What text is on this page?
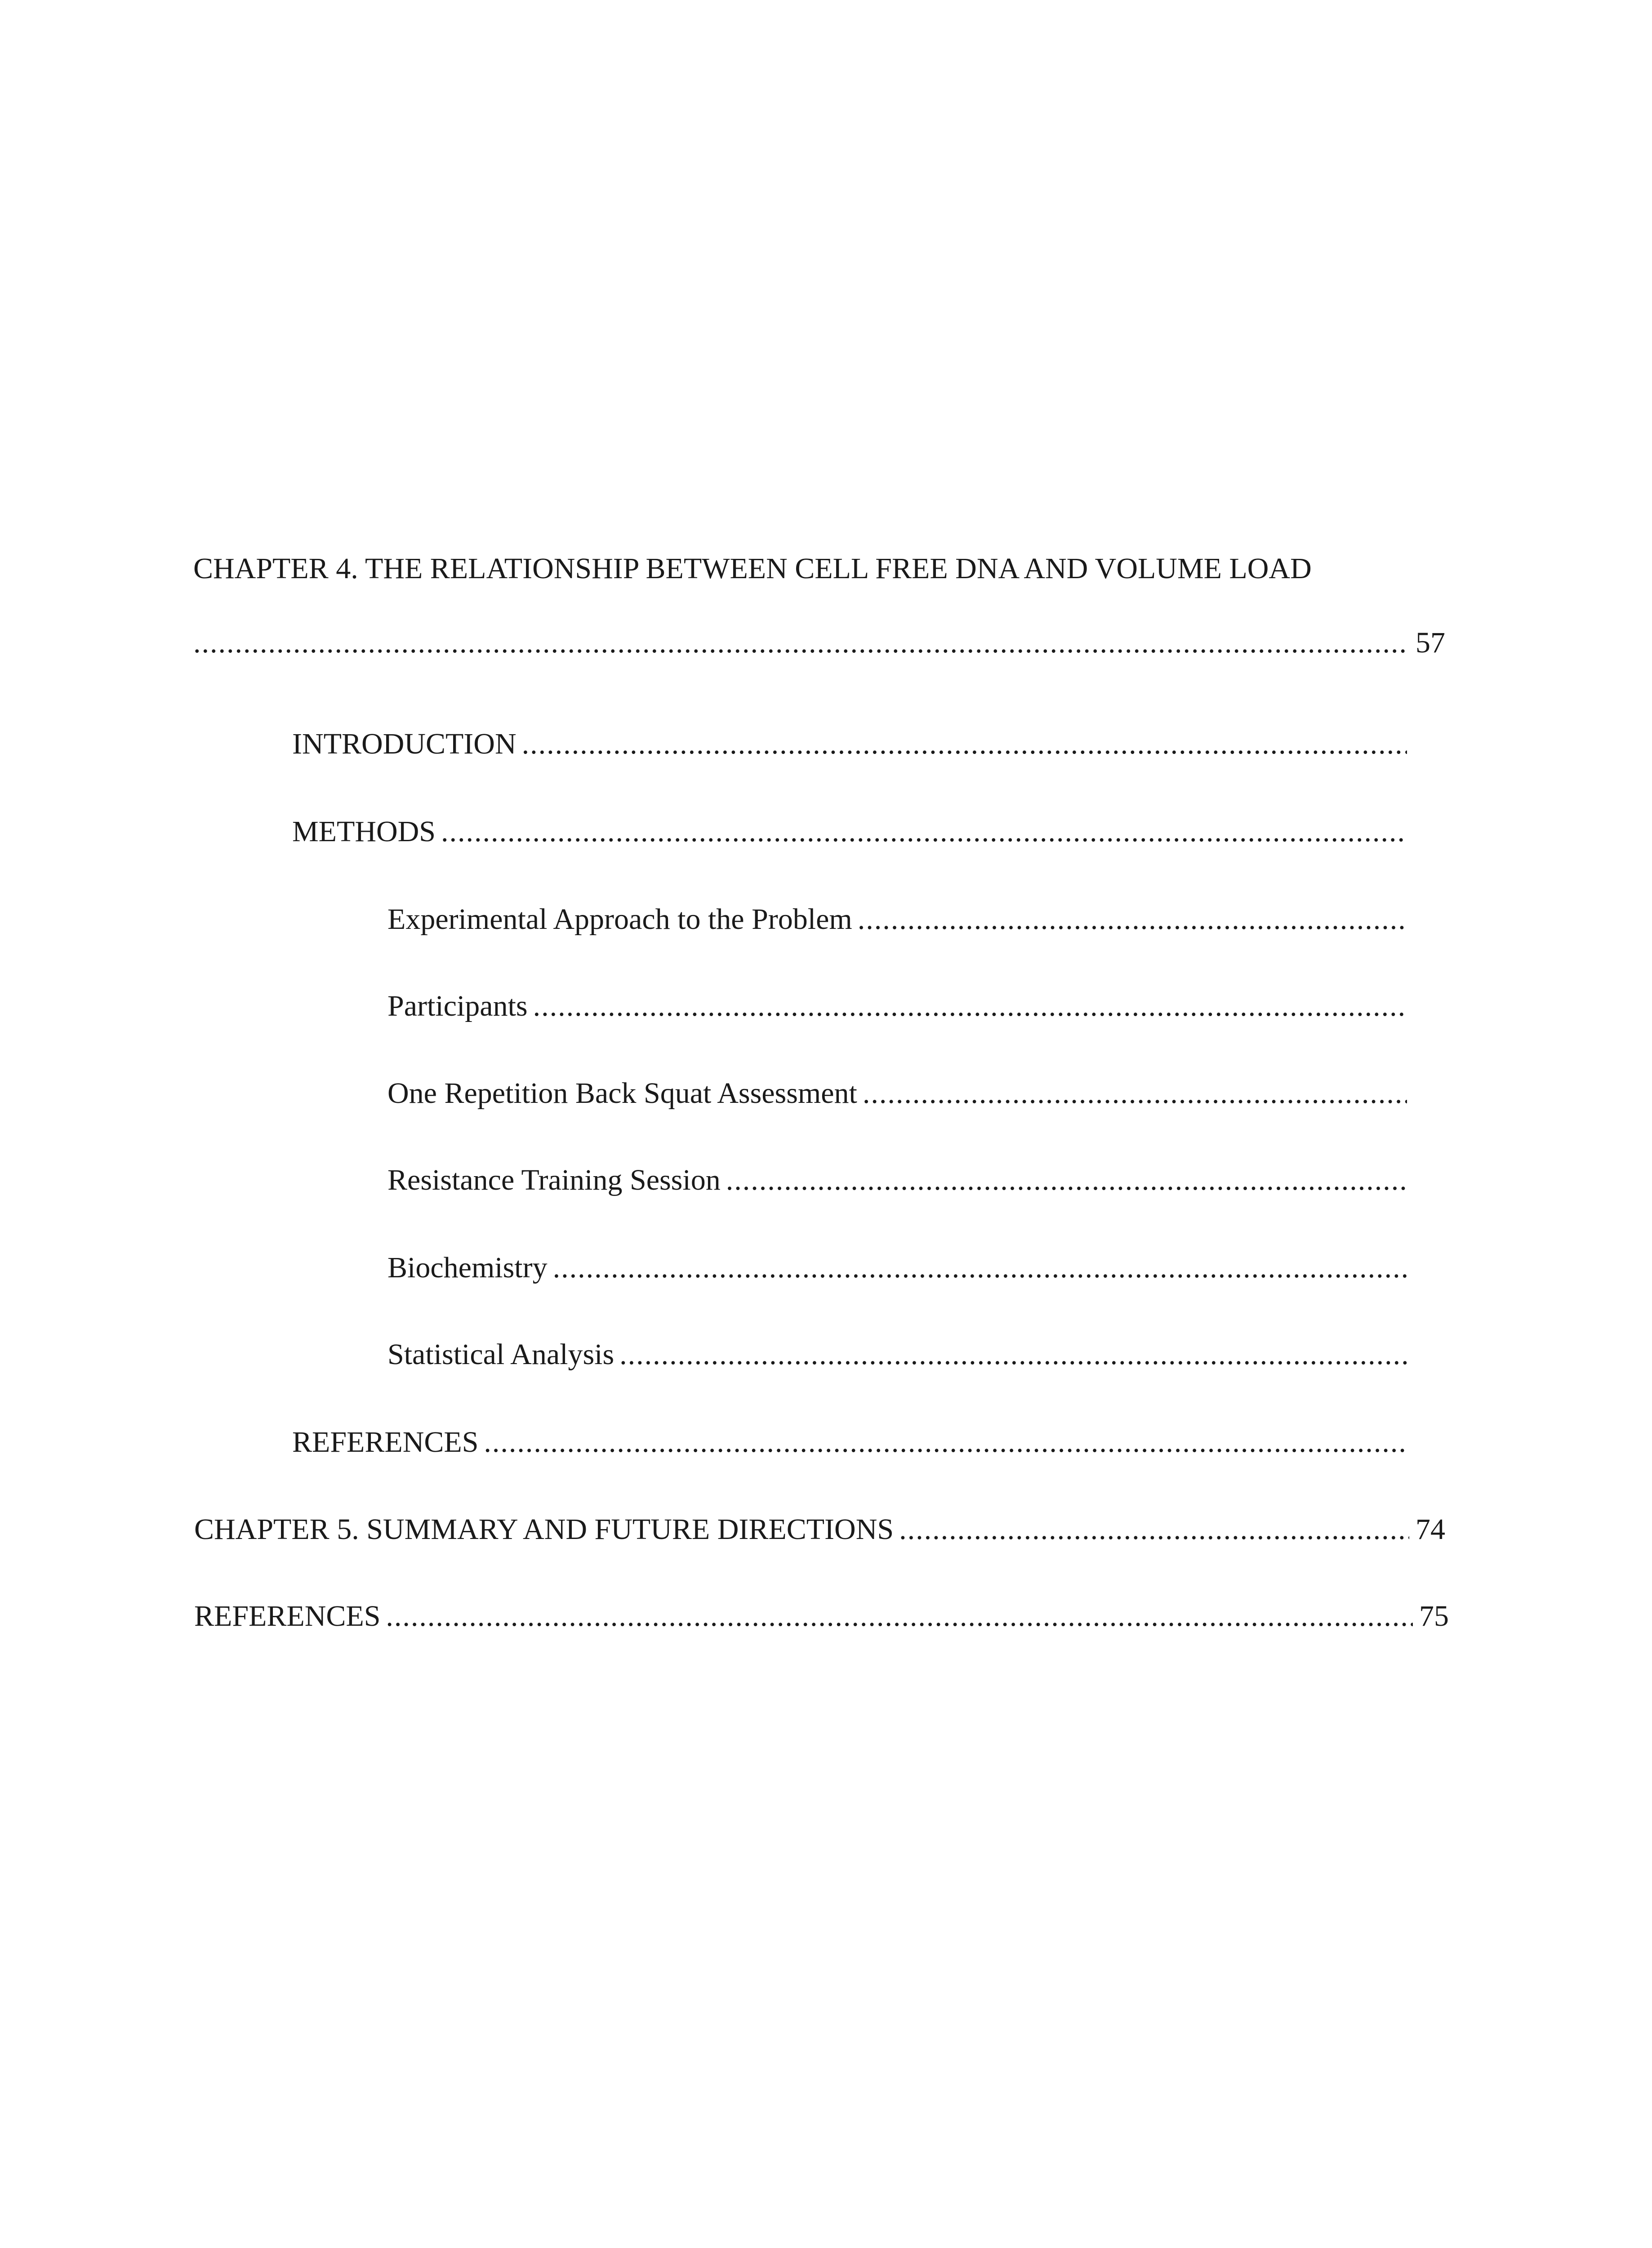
CHAPTER 4. THE RELATIONSHIP BETWEEN CELL FREE DNA AND VOLUME LOAD
.....
57
INTRODUCTION
.....
METHODS
.....
Experimental Approach to the Problem
.....
Participants
.....
One Repetition Back Squat Assessment
.....
Resistance Training Session
.....
Biochemistry
.....
Statistical Analysis
.....
REFERENCES
.....
CHAPTER 5. SUMMARY AND FUTURE DIRECTIONS .....	74
REFERENCES .....	75
